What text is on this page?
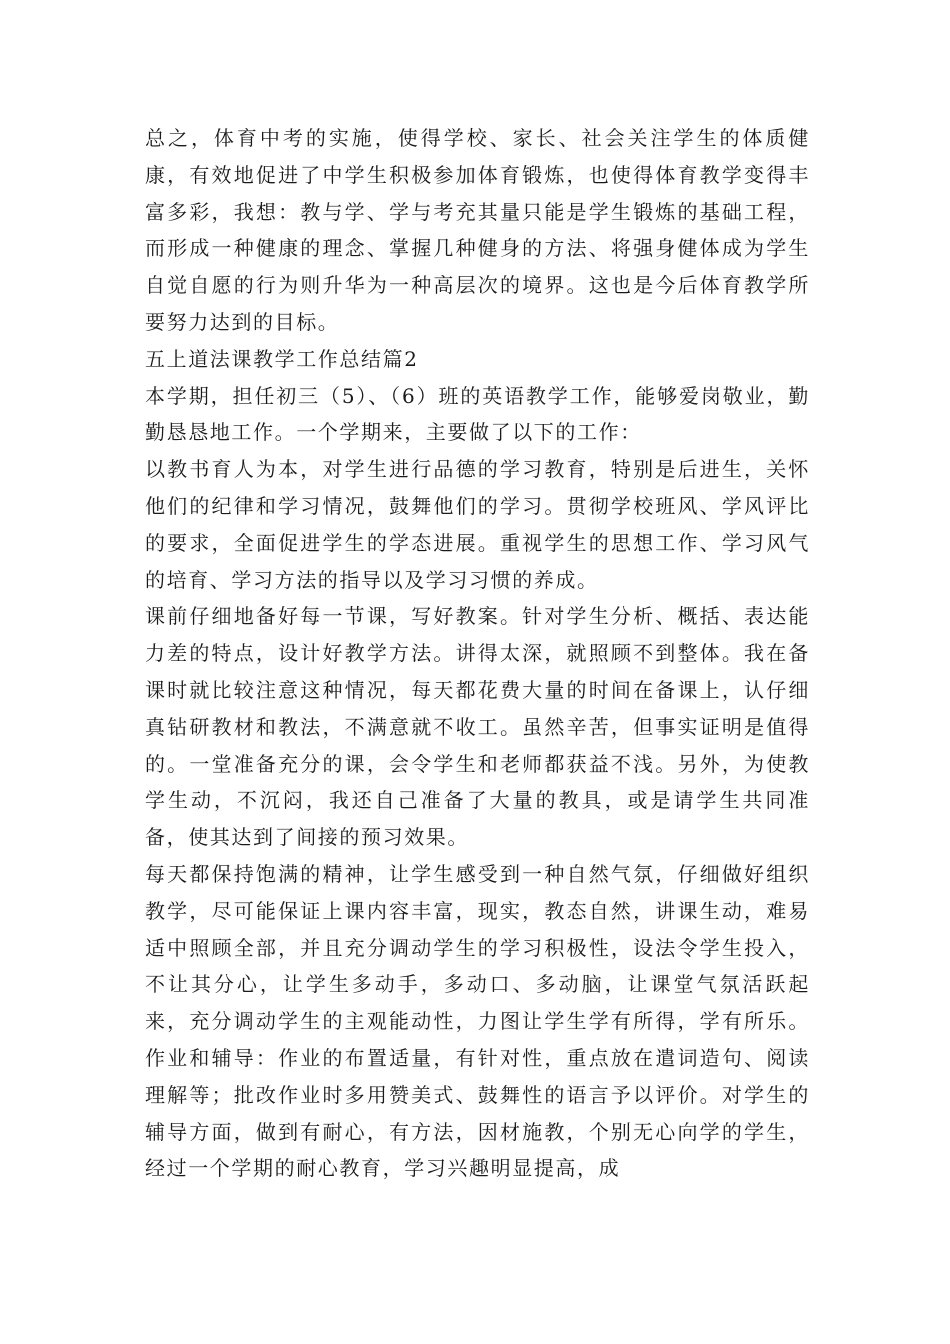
总之，体育中考的实施，使得学校、家长、社会关注学生的体质健康，有效地促进了中学生积极参加体育锻炼，也使得体育教学变得丰富多彩，我想：教与学、学与考充其量只能是学生锻炼的基础工程，而形成一种健康的理念、掌握几种健身的方法、将强身健体成为学生自觉自愿的行为则升华为一种高层次的境界。这也是今后体育教学所要努力达到的目标。

五上道法课教学工作总结篇2

本学期，担任初三（5）、（6）班的英语教学工作，能够爱岗敬业，勤勤恳恳地工作。一个学期来，主要做了以下的工作：

以教书育人为本，对学生进行品德的学习教育，特别是后进生，关怀他们的纪律和学习情况，鼓舞他们的学习。贯彻学校班风、学风评比的要求，全面促进学生的学态进展。重视学生的思想工作、学习风气的培育、学习方法的指导以及学习习惯的养成。

课前仔细地备好每一节课，写好教案。针对学生分析、概括、表达能力差的特点，设计好教学方法。讲得太深，就照顾不到整体。我在备课时就比较注意这种情况，每天都花费大量的时间在备课上，认仔细真钻研教材和教法，不满意就不收工。虽然辛苦，但事实证明是值得的。一堂准备充分的课，会令学生和老师都获益不浅。另外，为使教学生动，不沉闷，我还自己准备了大量的教具，或是请学生共同准备，使其达到了间接的预习效果。

每天都保持饱满的精神，让学生感受到一种自然气氛，仔细做好组织教学，尽可能保证上课内容丰富，现实，教态自然，讲课生动，难易适中照顾全部，并且充分调动学生的学习积极性，设法令学生投入，不让其分心，让学生多动手，多动口、多动脑，让课堂气氛活跃起来，充分调动学生的主观能动性，力图让学生学有所得，学有所乐。 作业和辅导：作业的布置适量，有针对性，重点放在遣词造句、阅读理解等；批改作业时多用赞美式、鼓舞性的语言予以评价。对学生的辅导方面，做到有耐心，有方法，因材施教，个别无心向学的学生，经过一个学期的耐心教育，学习兴趣明显提高，成
